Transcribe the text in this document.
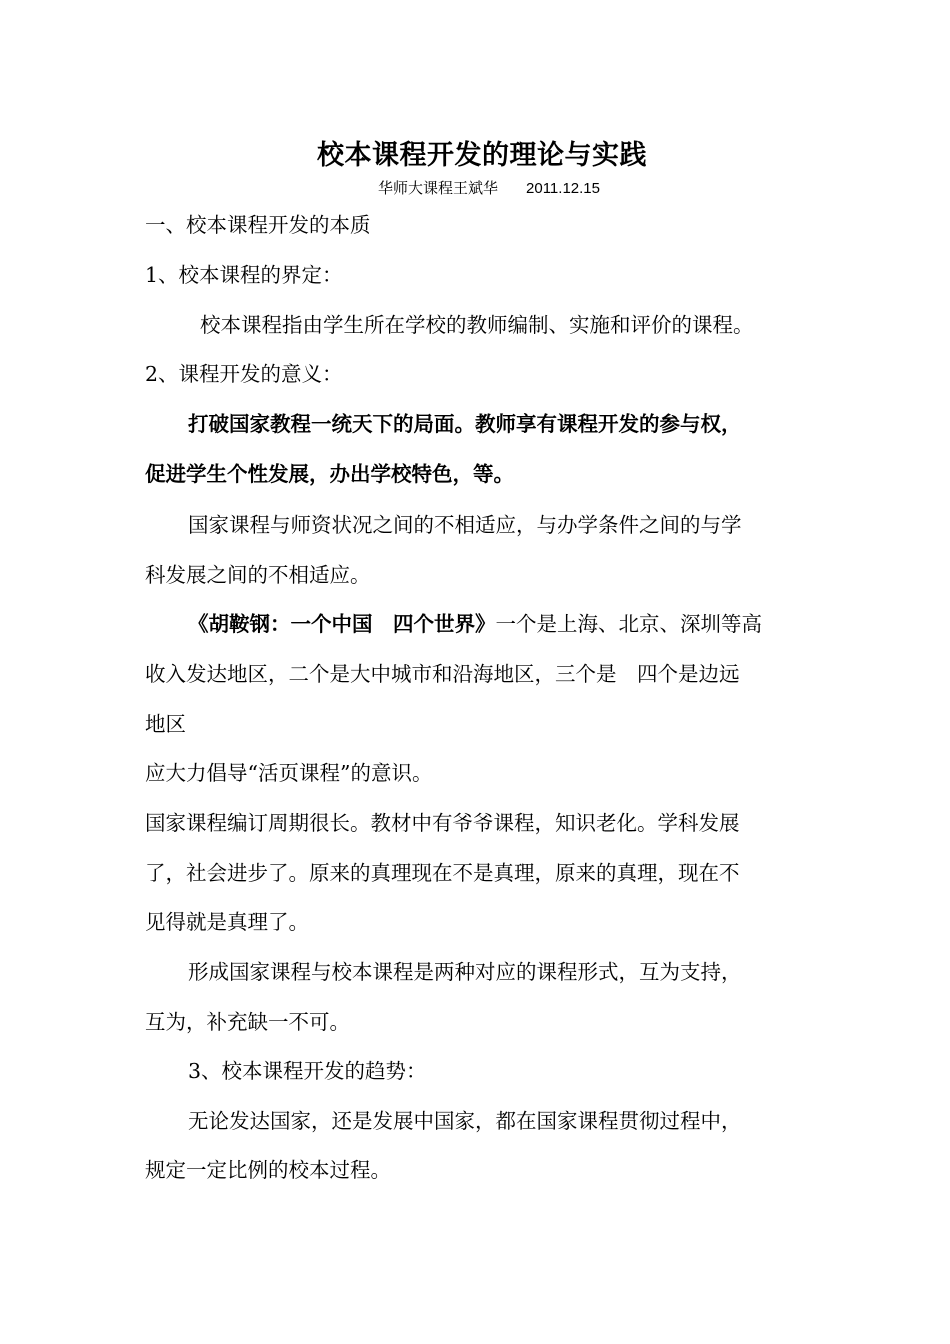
校本课程开发的理论与实践
华师大课程王斌华 2011.12.15
一、校本课程开发的本质
1、校本课程的界定：
校本课程指由学生所在学校的教师编制、实施和评价的课程。
2、课程开发的意义：
打破国家教程一统天下的局面。教师享有课程开发的参与权，
促进学生个性发展，办出学校特色，等。
国家课程与师资状况之间的不相适应，与办学条件之间的与学
科发展之间的不相适应。
《胡鞍钢：一个中国　四个世界》一个是上海、北京、深圳等高
收入发达地区，二个是大中城市和沿海地区，三个是　四个是边远
地区
应大力倡导“活页课程”的意识。
国家课程编订周期很长。教材中有爷爷课程，知识老化。学科发展
了，社会进步了。原来的真理现在不是真理，原来的真理，现在不
见得就是真理了。
形成国家课程与校本课程是两种对应的课程形式，互为支持，
互为，补充缺一不可。
3、校本课程开发的趋势：
无论发达国家，还是发展中国家，都在国家课程贯彻过程中，
规定一定比例的校本过程。
